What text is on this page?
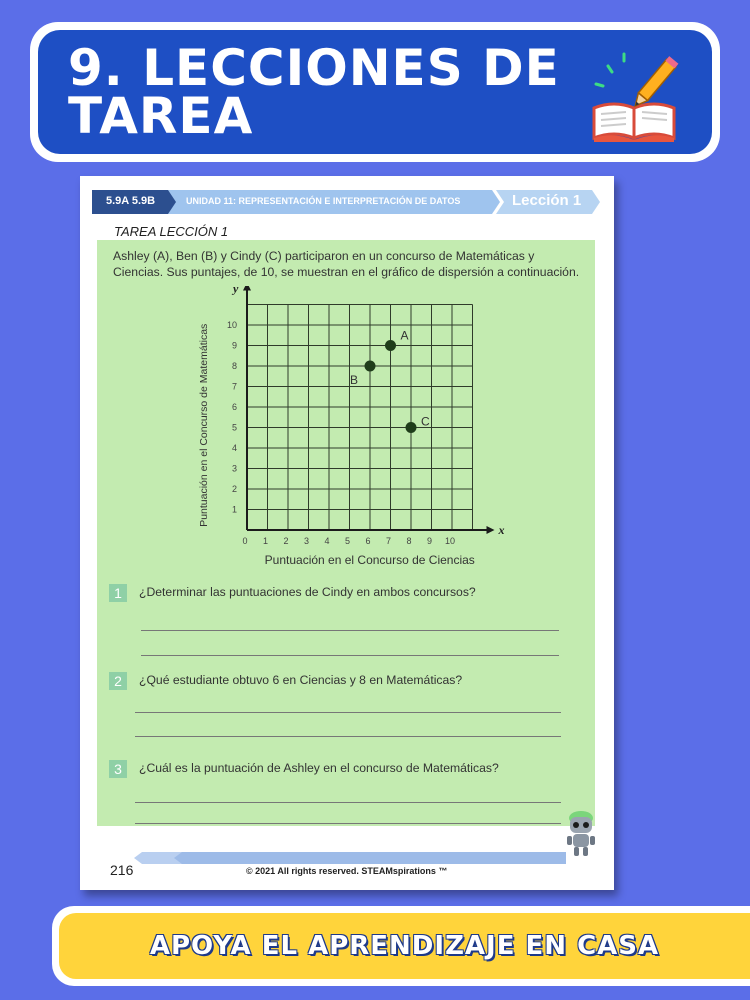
9. LECCIONES DE TAREA
5.9A 5.9B	UNIDAD 11: REPRESENTACIÓN E INTERPRETACIÓN DE DATOS	Lección 1
TAREA LECCIÓN 1
Ashley (A), Ben (B) y Cindy (C) participaron en un concurso de Matemáticas y Ciencias. Sus puntajes, de 10, se muestran en el gráfico de dispersión a continuación.
0 1 2 3 4 5 6 7 8 9 10
1
2
3
4
5
6
7
8
9
10
x
y
Puntuación en el Concurso de Ciencias
Puntuación en el Concurso de Matemáticas	A
B
C
1	¿Determinar las puntuaciones de Cindy en ambos concursos?
2	¿Qué estudiante obtuvo 6 en Ciencias y 8 en Matemáticas?
3	¿Cuál es la puntuación de Ashley en el concurso de Matemáticas?
216	© 2021 All rights reserved. STEAMspirations ™
APOYA EL APRENDIZAJE EN CASA
